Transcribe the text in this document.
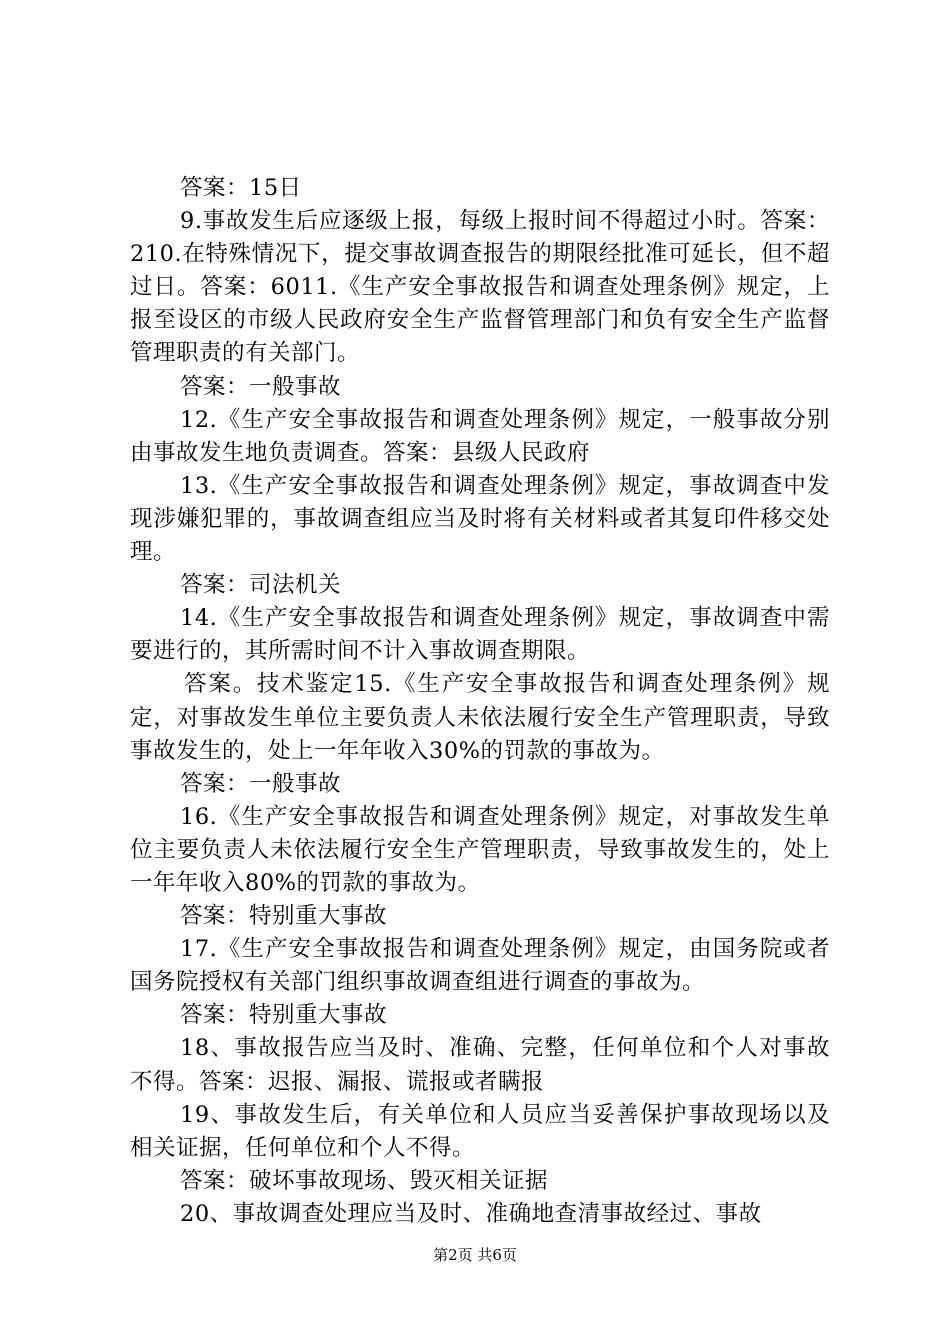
答案：15日

9.事故发生后应逐级上报，每级上报时间不得超过小时。答案：210.在特殊情况下，提交事故调查报告的期限经批准可延长，但不超过日。答案：6011.《生产安全事故报告和调查处理条例》规定，上报至设区的市级人民政府安全生产监督管理部门和负有安全生产监督管理职责的有关部门。

答案：一般事故

12.《生产安全事故报告和调查处理条例》规定，一般事故分别由事故发生地负责调查。答案：县级人民政府

13.《生产安全事故报告和调查处理条例》规定，事故调查中发现涉嫌犯罪的，事故调查组应当及时将有关材料或者其复印件移交处理。

答案：司法机关

14.《生产安全事故报告和调查处理条例》规定，事故调查中需要进行的，其所需时间不计入事故调查期限。

答案。技术鉴定15.《生产安全事故报告和调查处理条例》规定，对事故发生单位主要负责人未依法履行安全生产管理职责，导致事故发生的，处上一年年收入30%的罚款的事故为。

答案：一般事故

16.《生产安全事故报告和调查处理条例》规定，对事故发生单位主要负责人未依法履行安全生产管理职责，导致事故发生的，处上一年年收入80%的罚款的事故为。

答案：特别重大事故

17.《生产安全事故报告和调查处理条例》规定，由国务院或者国务院授权有关部门组织事故调查组进行调查的事故为。

答案：特别重大事故

18、事故报告应当及时、准确、完整，任何单位和个人对事故不得。答案：迟报、漏报、谎报或者瞒报

19、事故发生后，有关单位和人员应当妥善保护事故现场以及相关证据，任何单位和个人不得。

答案：破坏事故现场、毁灭相关证据

20、事故调查处理应当及时、准确地查清事故经过、事故

第2页 共6页
